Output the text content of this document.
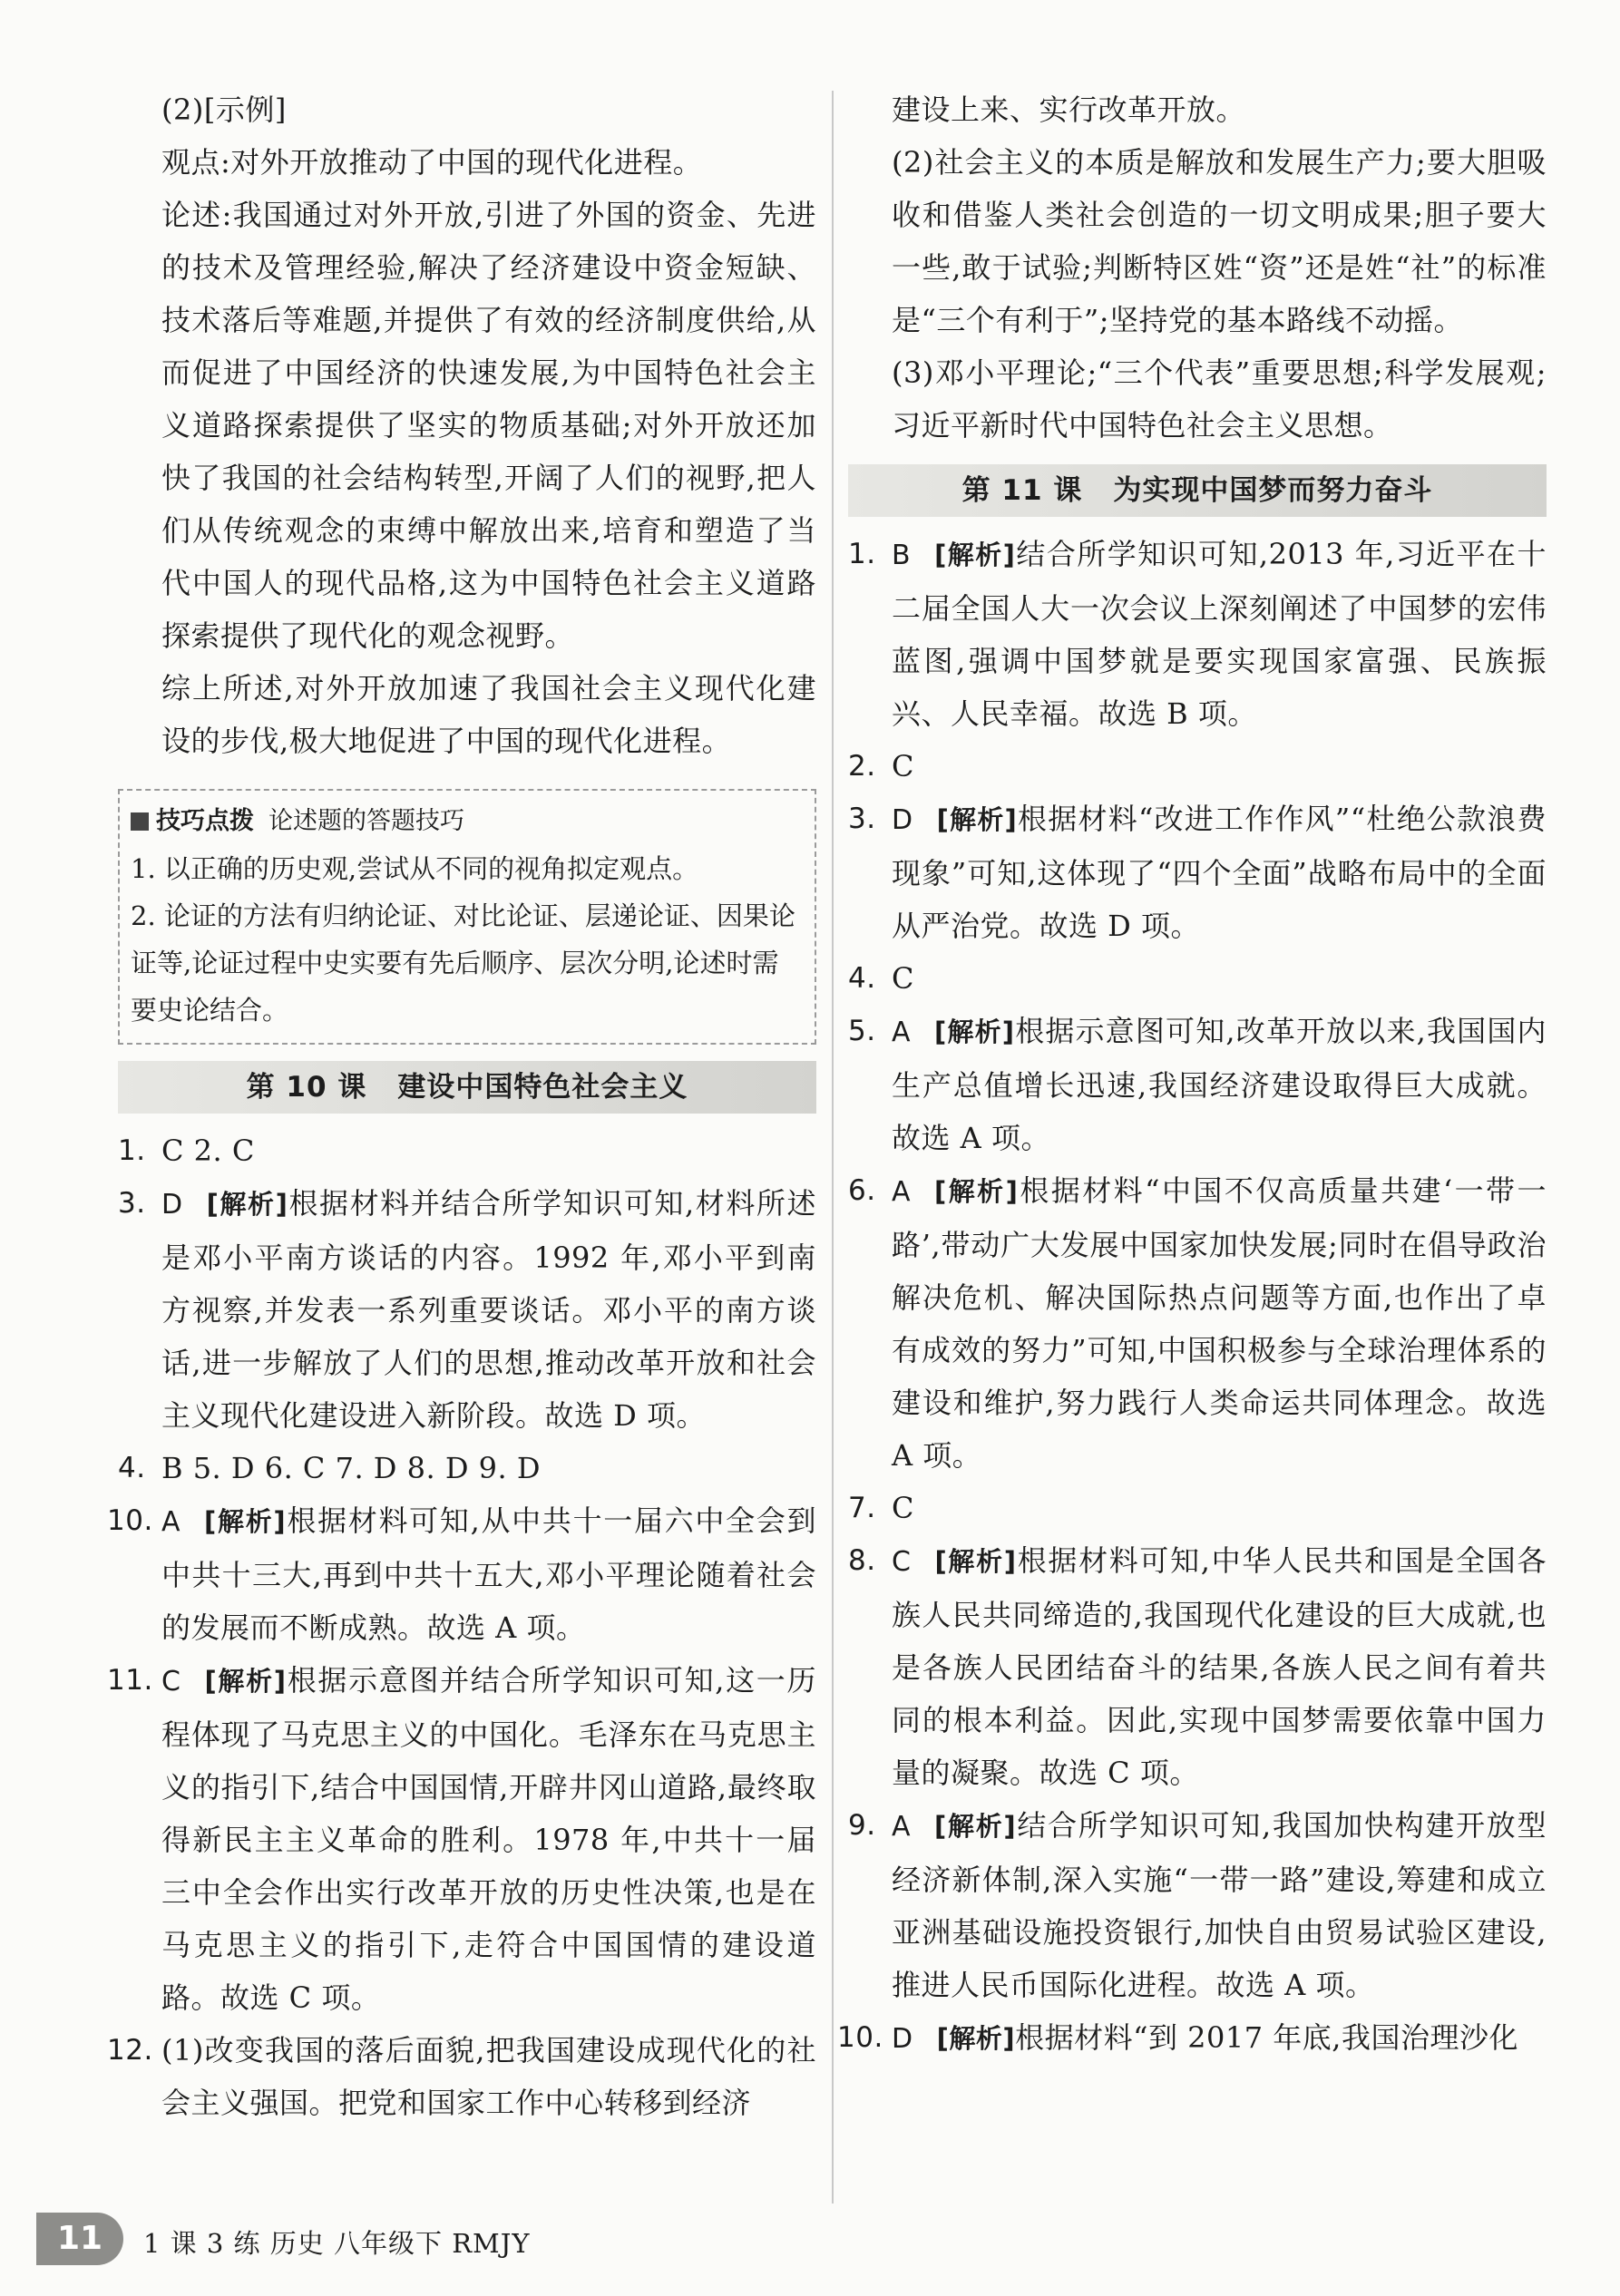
(2)[示例]

观点:对外开放推动了中国的现代化进程。

论述:我国通过对外开放,引进了外国的资金、先进的技术及管理经验,解决了经济建设中资金短缺、技术落后等难题,并提供了有效的经济制度供给,从而促进了中国经济的快速发展,为中国特色社会主义道路探索提供了坚实的物质基础;对外开放还加快了我国的社会结构转型,开阔了人们的视野,把人们从传统观念的束缚中解放出来,培育和塑造了当代中国人的现代品格,这为中国特色社会主义道路探索提供了现代化的观念视野。

综上所述,对外开放加速了我国社会主义现代化建设的步伐,极大地促进了中国的现代化进程。

技巧点拨 论述题的答题技巧

1. 以正确的历史观,尝试从不同的视角拟定观点。

2. 论证的方法有归纳论证、对比论证、层递论证、因果论证等,论证过程中史实要有先后顺序、层次分明,论述时需要史论结合。

第 10 课 建设中国特色社会主义

1. C 2. C

3. D [解析]根据材料并结合所学知识可知,材料所述是邓小平南方谈话的内容。1992 年,邓小平到南方视察,并发表一系列重要谈话。邓小平的南方谈话,进一步解放了人们的思想,推动改革开放和社会主义现代化建设进入新阶段。故选 D 项。

4. B 5. D 6. C 7. D 8. D 9. D

10. A [解析]根据材料可知,从中共十一届六中全会到中共十三大,再到中共十五大,邓小平理论随着社会的发展而不断成熟。故选 A 项。

11. C [解析]根据示意图并结合所学知识可知,这一历程体现了马克思主义的中国化。毛泽东在马克思主义的指引下,结合中国国情,开辟井冈山道路,最终取得新民主主义革命的胜利。1978 年,中共十一届三中全会作出实行改革开放的历史性决策,也是在马克思主义的指引下,走符合中国国情的建设道路。故选 C 项。

12. (1)改变我国的落后面貌,把我国建设成现代化的社会主义强国。把党和国家工作中心转移到经济

建设上来、实行改革开放。

(2)社会主义的本质是解放和发展生产力;要大胆吸收和借鉴人类社会创造的一切文明成果;胆子要大一些,敢于试验;判断特区姓“资”还是姓“社”的标准是“三个有利于”;坚持党的基本路线不动摇。

(3)邓小平理论;“三个代表”重要思想;科学发展观;习近平新时代中国特色社会主义思想。

第 11 课 为实现中国梦而努力奋斗

1. B [解析]结合所学知识可知,2013 年,习近平在十二届全国人大一次会议上深刻阐述了中国梦的宏伟蓝图,强调中国梦就是要实现国家富强、民族振兴、人民幸福。故选 B 项。

2. C

3. D [解析]根据材料“改进工作作风”“杜绝公款浪费现象”可知,这体现了“四个全面”战略布局中的全面从严治党。故选 D 项。

4. C

5. A [解析]根据示意图可知,改革开放以来,我国国内生产总值增长迅速,我国经济建设取得巨大成就。故选 A 项。

6. A [解析]根据材料“中国不仅高质量共建‘一带一路’,带动广大发展中国家加快发展;同时在倡导政治解决危机、解决国际热点问题等方面,也作出了卓有成效的努力”可知,中国积极参与全球治理体系的建设和维护,努力践行人类命运共同体理念。故选 A 项。

7. C

8. C [解析]根据材料可知,中华人民共和国是全国各族人民共同缔造的,我国现代化建设的巨大成就,也是各族人民团结奋斗的结果,各族人民之间有着共同的根本利益。因此,实现中国梦需要依靠中国力量的凝聚。故选 C 项。

9. A [解析]结合所学知识可知,我国加快构建开放型经济新体制,深入实施“一带一路”建设,筹建和成立亚洲基础设施投资银行,加快自由贸易试验区建设,推进人民币国际化进程。故选 A 项。

10. D [解析]根据材料“到 2017 年底,我国治理沙化

11	1 课 3 练 历史 八年级下 RMJY
